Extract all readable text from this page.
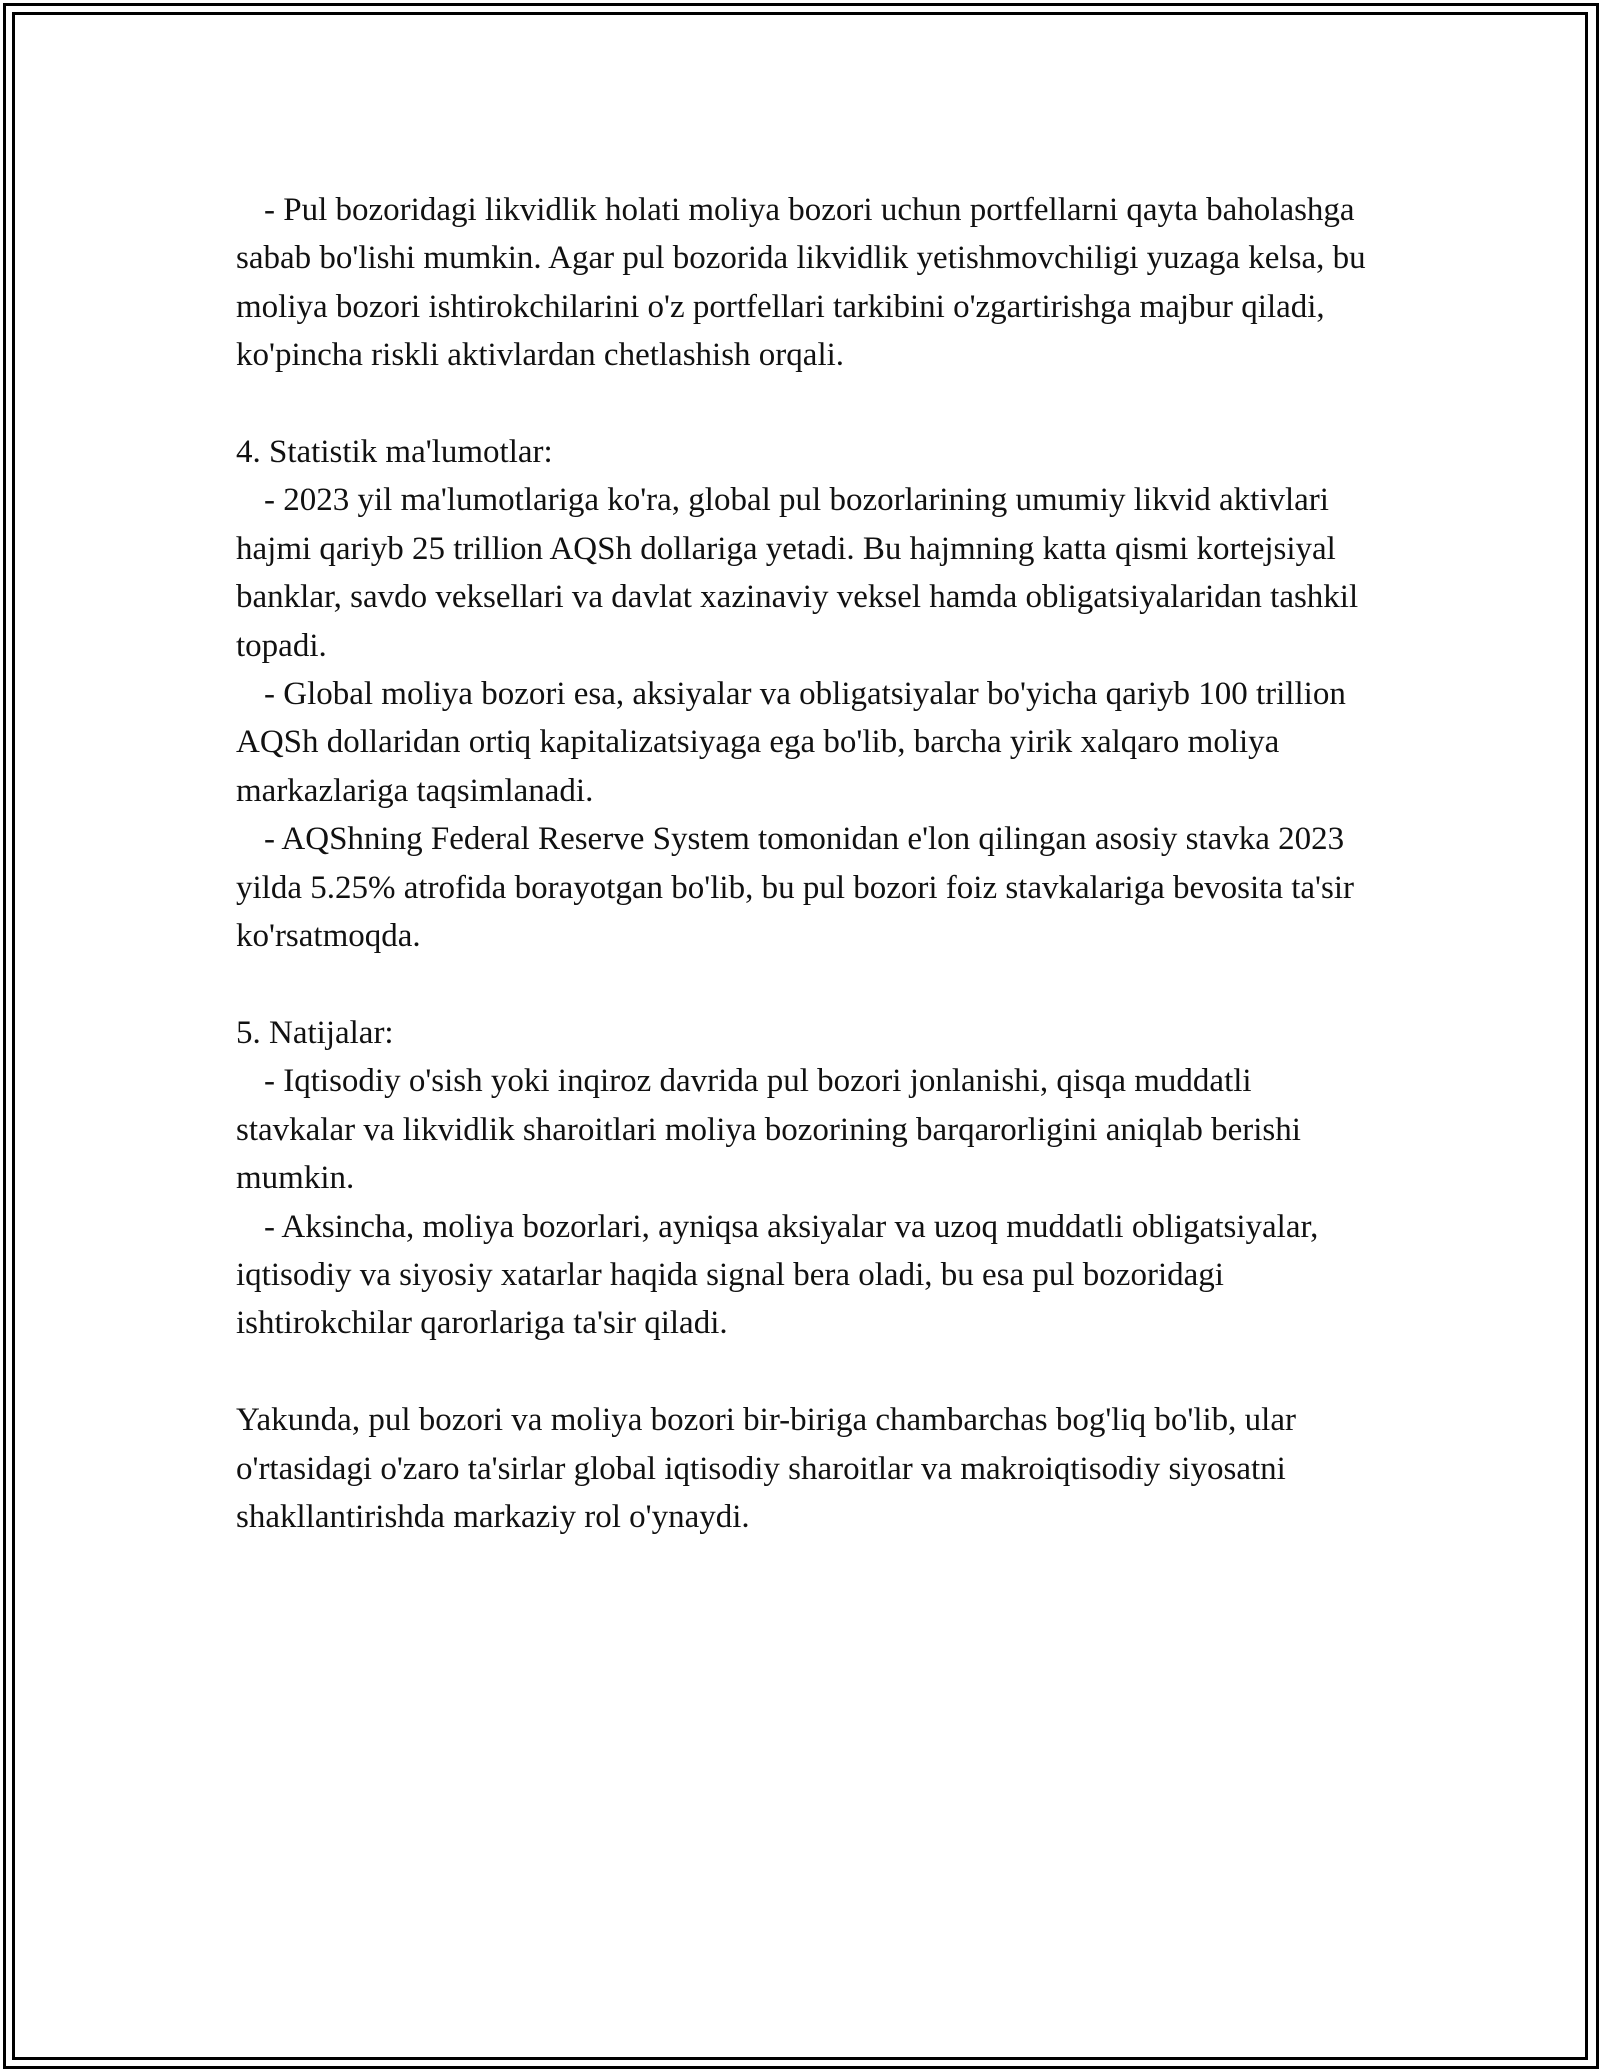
- Pul bozoridagi likvidlik holati moliya bozori uchun portfellarni qayta baholashga sabab bo'lishi mumkin. Agar pul bozorida likvidlik yetishmovchiligi yuzaga kelsa, bu moliya bozori ishtirokchilarini o'z portfellari tarkibini o'zgartirishga majbur qiladi, ko'pincha riskli aktivlardan chetlashish orqali.

4. Statistik ma'lumotlar:

- 2023 yil ma'lumotlariga ko'ra, global pul bozorlarining umumiy likvid aktivlari hajmi qariyb 25 trillion AQSh dollariga yetadi. Bu hajmning katta qismi kortejsiyal banklar, savdo veksellari va davlat xazinaviy veksel hamda obligatsiyalaridan tashkil topadi.

- Global moliya bozori esa, aksiyalar va obligatsiyalar bo'yicha qariyb 100 trillion AQSh dollaridan ortiq kapitalizatsiyaga ega bo'lib, barcha yirik xalqaro moliya markazlariga taqsimlanadi.

- AQShning Federal Reserve System tomonidan e'lon qilingan asosiy stavka 2023 yilda 5.25% atrofida borayotgan bo'lib, bu pul bozori foiz stavkalariga bevosita ta'sir ko'rsatmoqda.

5. Natijalar:

- Iqtisodiy o'sish yoki inqiroz davrida pul bozori jonlanishi, qisqa muddatli stavkalar va likvidlik sharoitlari moliya bozorining barqarorligini aniqlab berishi mumkin.

- Aksincha, moliya bozorlari, ayniqsa aksiyalar va uzoq muddatli obligatsiyalar, iqtisodiy va siyosiy xatarlar haqida signal bera oladi, bu esa pul bozoridagi ishtirokchilar qarorlariga ta'sir qiladi.

Yakunda, pul bozori va moliya bozori bir-biriga chambarchas bog'liq bo'lib, ular o'rtasidagi o'zaro ta'sirlar global iqtisodiy sharoitlar va makroiqtisodiy siyosatni shakllantirishda markaziy rol o'ynaydi.
